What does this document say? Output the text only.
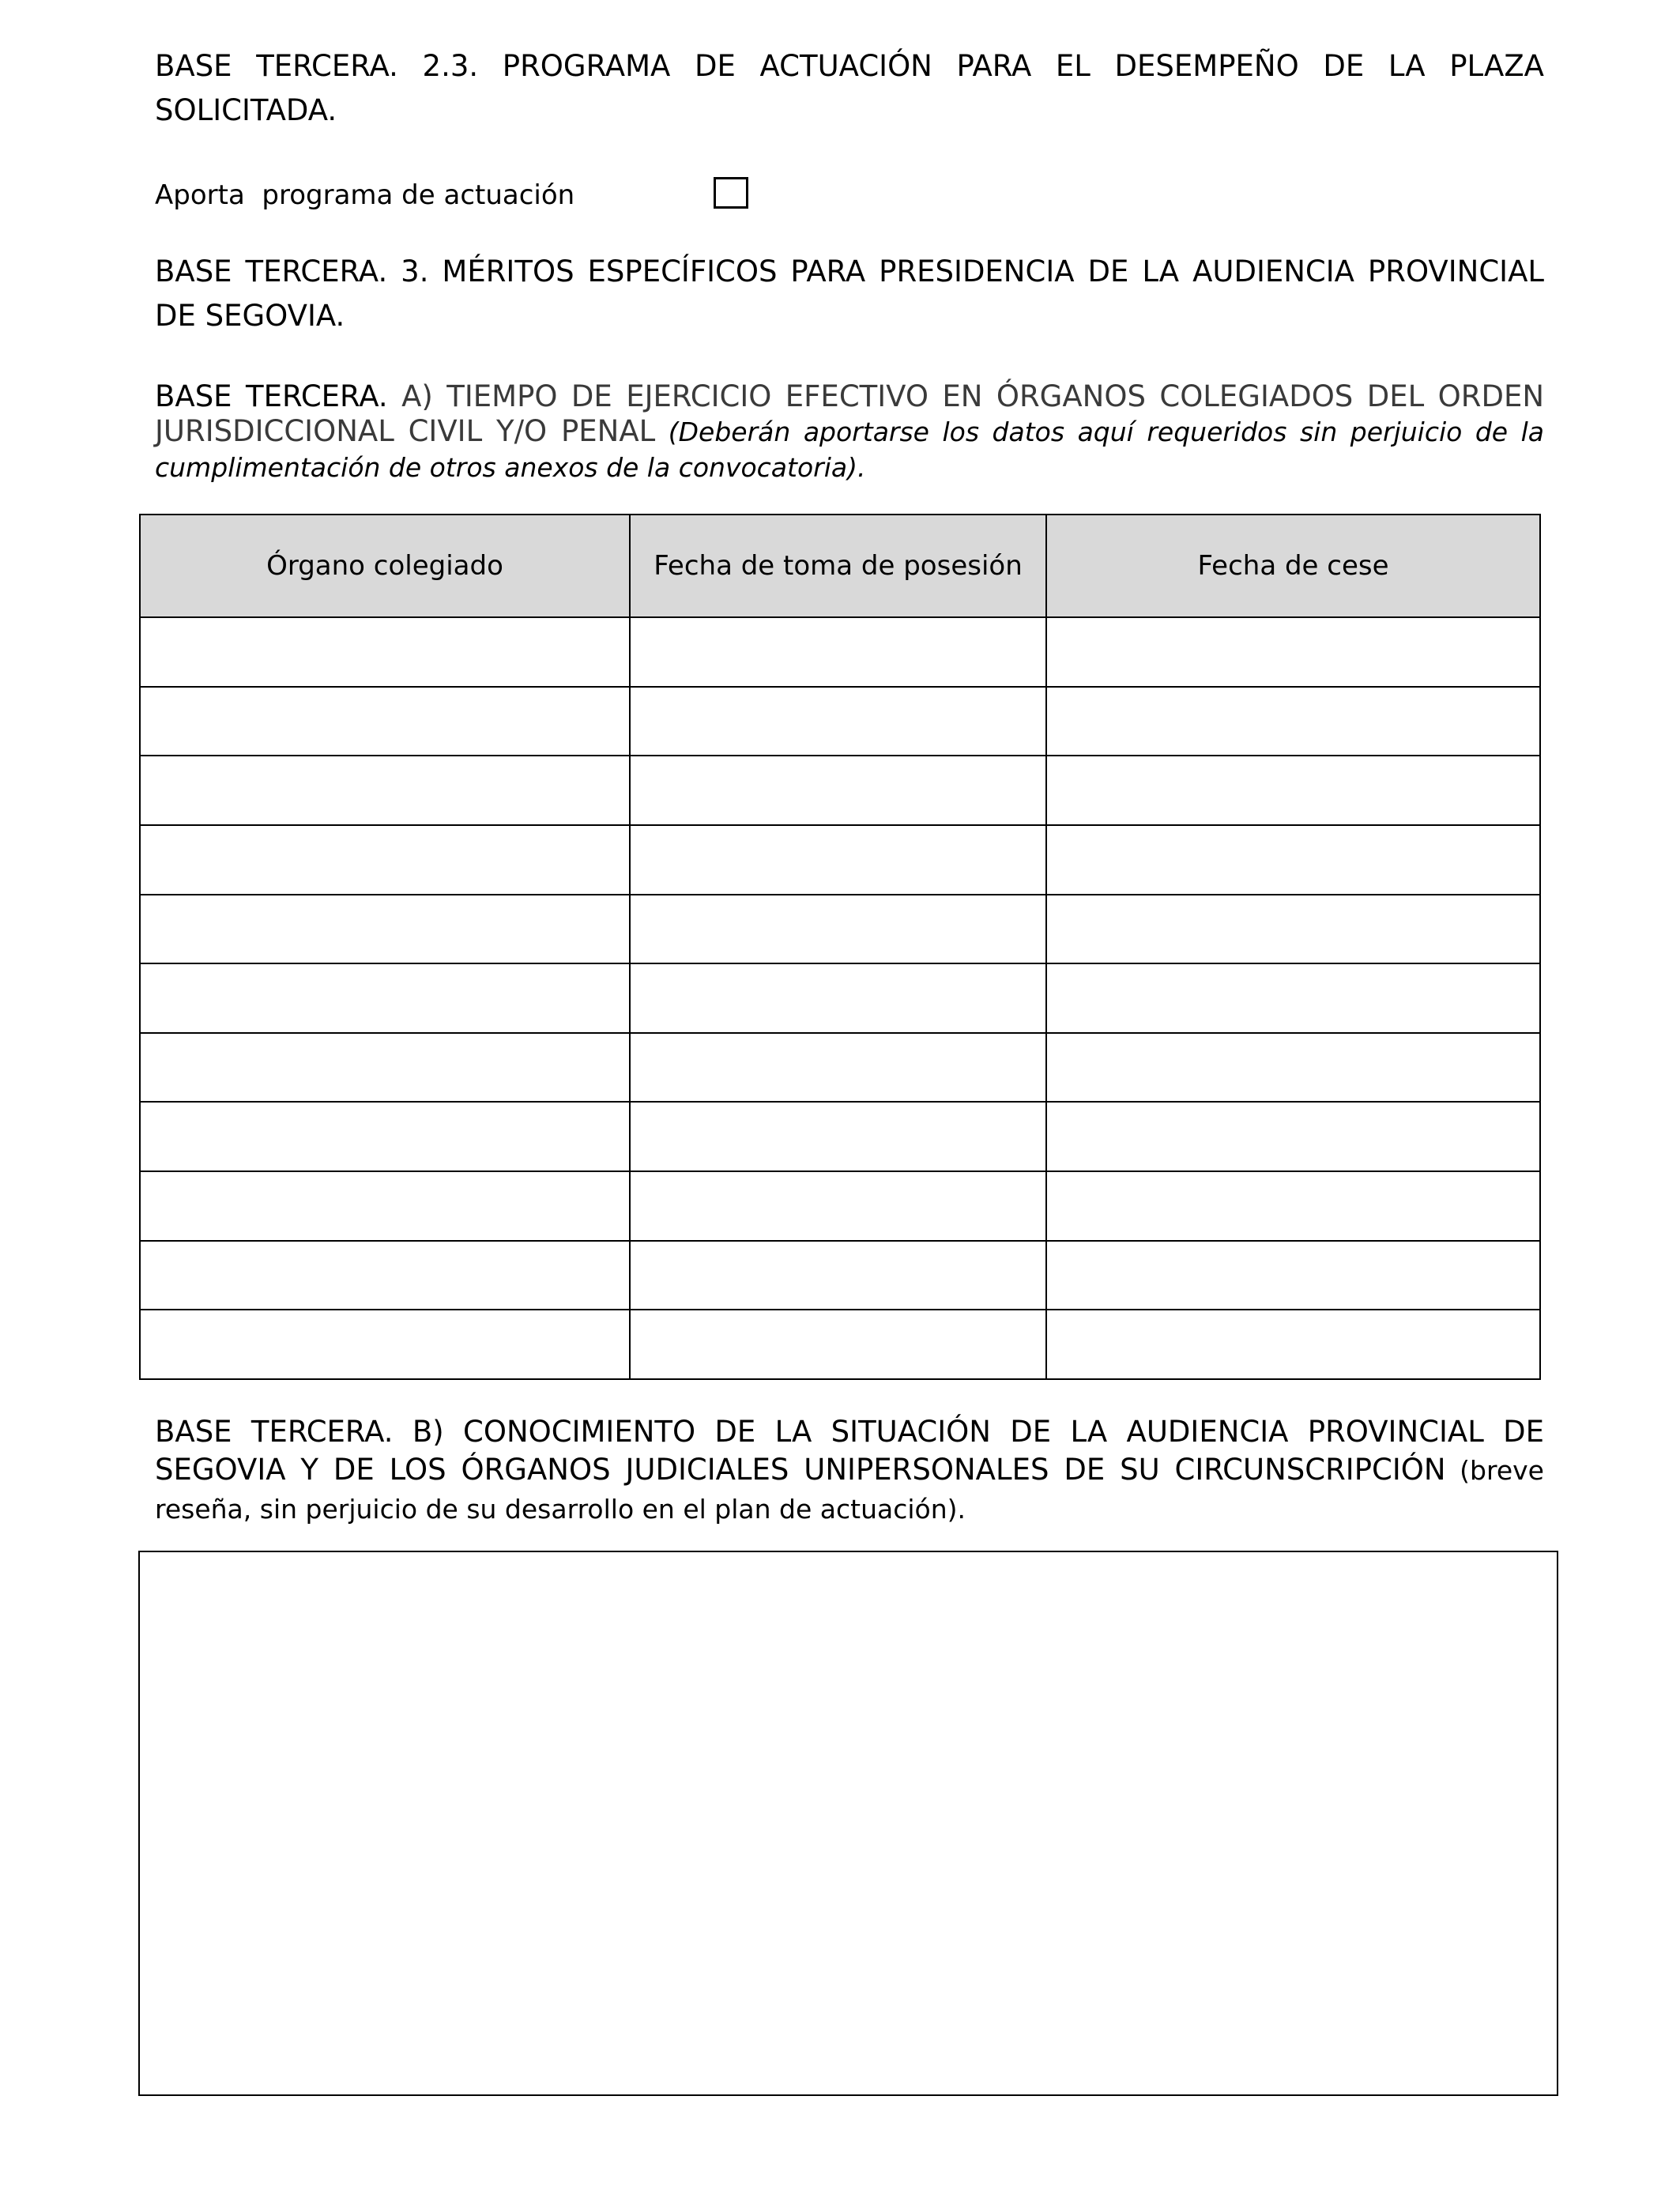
BASE TERCERA. 2.3. PROGRAMA DE ACTUACIÓN PARA EL DESEMPEÑO DE LA PLAZA SOLICITADA.

Aporta  programa de actuación

BASE TERCERA. 3. MÉRITOS ESPECÍFICOS PARA PRESIDENCIA DE LA AUDIENCIA PROVINCIAL DE SEGOVIA.

BASE TERCERA. A) TIEMPO DE EJERCICIO EFECTIVO EN ÓRGANOS COLEGIADOS DEL ORDEN JURISDICCIONAL CIVIL Y/O PENAL (Deberán aportarse los datos aquí requeridos sin perjuicio de la cumplimentación de otros anexos de la convocatoria).

Órgano colegiado	Fecha de toma de posesión	Fecha de cese

BASE TERCERA. B) CONOCIMIENTO DE LA SITUACIÓN DE LA AUDIENCIA PROVINCIAL DE SEGOVIA Y DE LOS ÓRGANOS JUDICIALES UNIPERSONALES DE SU CIRCUNSCRIPCIÓN (breve reseña, sin perjuicio de su desarrollo en el plan de actuación).
